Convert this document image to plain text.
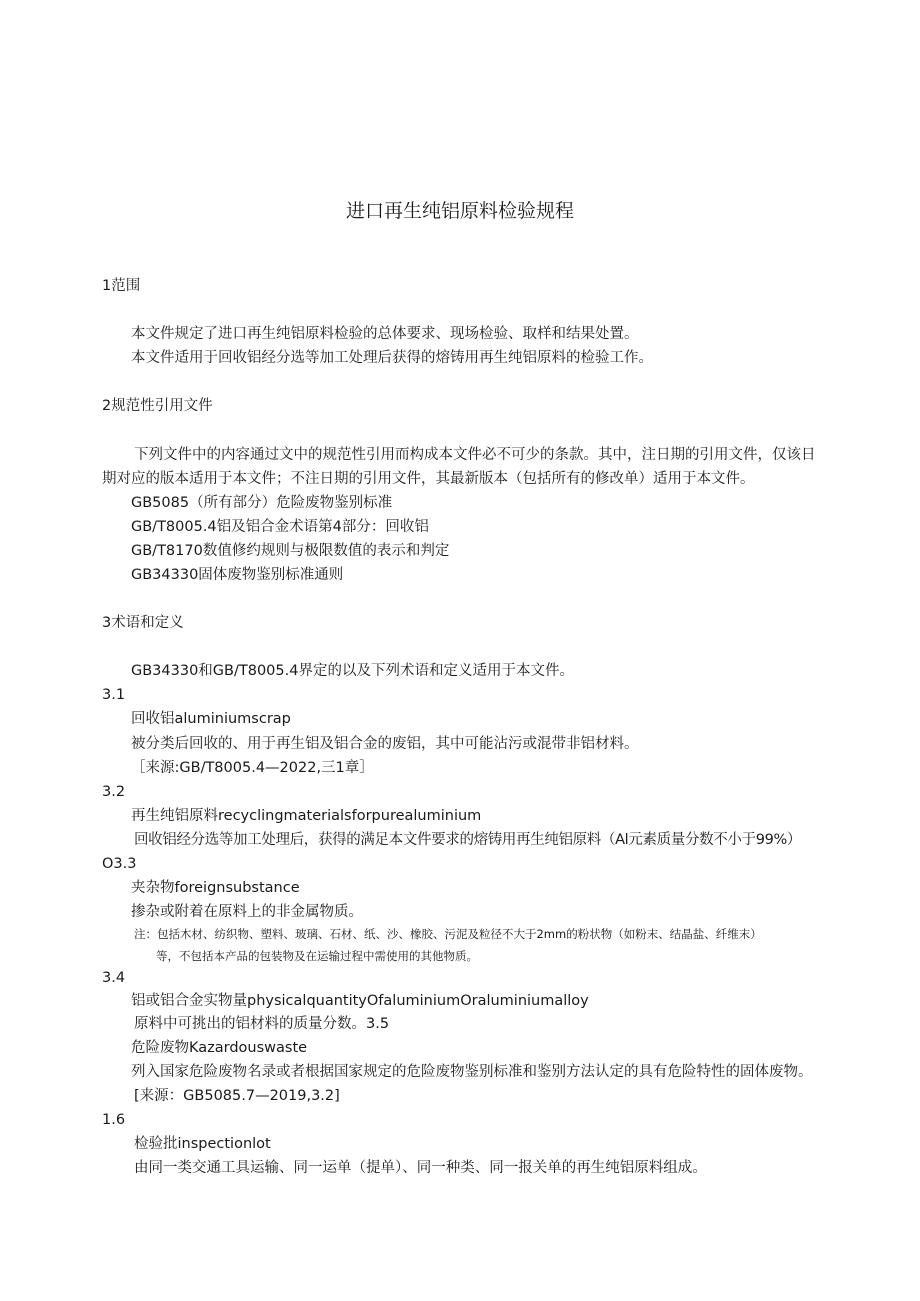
进口再生纯铝原料检验规程
1范围
本文件规定了进口再生纯铝原料检验的总体要求、现场检验、取样和结果处置。
本文件适用于回收铝经分选等加工处理后获得的熔铸用再生纯铝原料的检验工作。
2规范性引用文件
下列文件中的内容通过文中的规范性引用而构成本文件必不可少的条款。其中，注日期的引用文件，仅该日
期对应的版本适用于本文件；不注日期的引用文件，其最新版本（包括所有的修改单）适用于本文件。
GB5085（所有部分）危险废物鉴别标准
GB/T8005.4铝及铝合金术语第4部分：回收铝
GB/T8170数值修约规则与极限数值的表示和判定
GB34330固体废物鉴别标准通则
3术语和定义
GB34330和GB/T8005.4界定的以及下列术语和定义适用于本文件。
3.1
回收铝aluminiumscrap
被分类后回收的、用于再生铝及铝合金的废铝，其中可能沾污或混带非铝材料。
［来源:GB/T8005.4—2022,三1章］
3.2
再生纯铝原料recyclingmaterialsforpurealuminium
回收铝经分选等加工处理后，获得的满足本文件要求的熔铸用再生纯铝原料（Al元素质量分数不小于99%）
O3.3
夹杂物foreignsubstance
掺杂或附着在原料上的非金属物质。
注：包括木材、纺织物、塑料、玻璃、石材、纸、沙、橡胶、污泥及粒径不大于2mm的粉状物（如粉末、结晶盐、纤维末）
等，不包括本产品的包装物及在运输过程中需使用的其他物质。
3.4
铝或铝合金实物量physicalquantityOfaluminiumOraluminiumalloy
原料中可挑出的铝材料的质量分数。3.5
危险废物Kazardouswaste
列入国家危险废物名录或者根据国家规定的危险废物鉴别标准和鉴别方法认定的具有危险特性的固体废物。
[来源：GB5085.7—2019,3.2]
1.6
检验批inspectionlot
由同一类交通工具运输、同一运单（提单）、同一种类、同一报关单的再生纯铝原料组成。
